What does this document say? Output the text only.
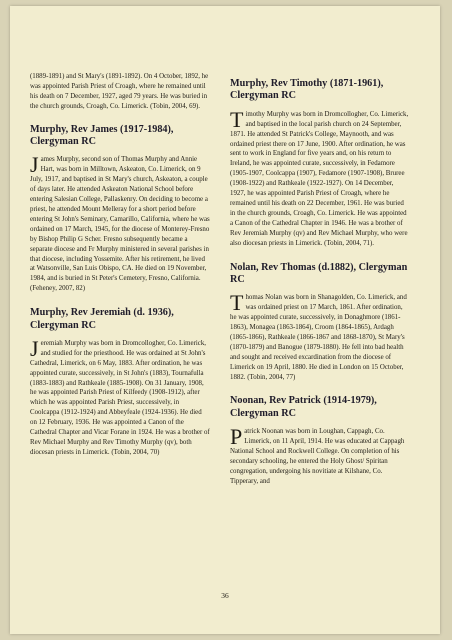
(1889-1891) and St Mary's (1891-1892). On 4 October, 1892, he was appointed Parish Priest of Croagh, where he remained until his death on 7 December, 1927, aged 79 years. He was buried in the church grounds, Croagh, Co. Limerick. (Tobin, 2004, 69).

Murphy, Rev James (1917-1984), Clergyman RC

James Murphy, second son of Thomas Murphy and Annie Hart, was born in Milltown, Askeaton, Co. Limerick, on 9 July, 1917, and baptised in St Mary's church, Askeaton, a couple of days later. He attended Askeaton National School before entering Salesian College, Pallaskenry. On deciding to become a priest, he attended Mount Melleray for a short period before entering St John's Seminary, Camarillo, California, where he was ordained on 17 March, 1945, for the diocese of Monterey-Fresno by Bishop Philip G Scher. Fresno subsequently became a separate diocese and Fr Murphy ministered in several parishes in that diocese, including Yossemite. After his retirement, he lived at Watsonville, San Luis Obispo, CA. He died on 19 November, 1984, and is buried in St Peter's Cemetery, Fresno, California. (Feheney, 2007, 82)

Murphy, Rev Jeremiah (d. 1936), Clergyman RC

Jeremiah Murphy was born in Dromcollogher, Co. Limerick, and studied for the priesthood. He was ordained at St John's Cathedral, Limerick, on 6 May, 1883. After ordination, he was appointed curate, successively, in St John's (1883), Tournafulla (1883-1883) and Rathkeale (1885-1908). On 31 January, 1908, he was appointed Parish Priest of Kilfeedy (1908-1912), after which he was appointed Parish Priest, successively, in Coolcappa (1912-1924) and Abbeyfeale (1924-1936). He died on 12 February, 1936. He was appointed a Canon of the Cathedral Chapter and Vicar Forane in 1924. He was a brother of Rev Michael Murphy and Rev Timothy Murphy (qv), both diocesan priests in Limerick. (Tobin, 2004, 70)

Murphy, Rev Timothy (1871-1961), Clergyman RC

Timothy Murphy was born in Dromcollogher, Co. Limerick, and baptised in the local parish church on 24 September, 1871. He attended St Patrick's College, Maynooth, and was ordained priest there on 17 June, 1900. After ordination, he was sent to work in England for five years and, on his return to Ireland, he was appointed curate, successively, in Fedamore (1905-1907, Coolcappa (1907), Fedamore (1907-1908), Bruree (1908-1922) and Rathkeale (1922-1927). On 14 December, 1927, he was appointed Parish Priest of Croagh, where he remained until his death on 22 December, 1961. He was buried in the church grounds, Croagh, Co. Limerick. He was appointed a Canon of the Cathedral Chapter in 1946. He was a brother of Rev Jeremiah Murphy (qv) and Rev Michael Murphy, who were also diocesan priests in Limerick. (Tobin, 2004, 71).

Nolan, Rev Thomas (d.1882), Clergyman RC

Thomas Nolan was born in Shanagolden, Co. Limerick, and was ordained priest on 17 March, 1861. After ordination, he was appointed curate, successively, in Donaghmore (1861-1863), Monagea (1863-1864), Croom (1864-1865), Ardagh (1865-1866), Rathkeale (1866-1867 and 1868-1870), St Mary's (1870-1879) and Banogue (1879-1880). He fell into bad health and sought and received excardination from the diocese of Limerick on 19 April, 1880. He died in London on 15 October, 1882. (Tobin, 2004, 77)

Noonan, Rev Patrick (1914-1979), Clergyman RC

Patrick Noonan was born in Loughan, Cappagh, Co. Limerick, on 11 April, 1914. He was educated at Cappagh National School and Rockwell College. On completion of his secondary schooling, he entered the Holy Ghost/ Spiritan congregation, undergoing his novitiate at Kilshane, Co. Tipperary, and

36
